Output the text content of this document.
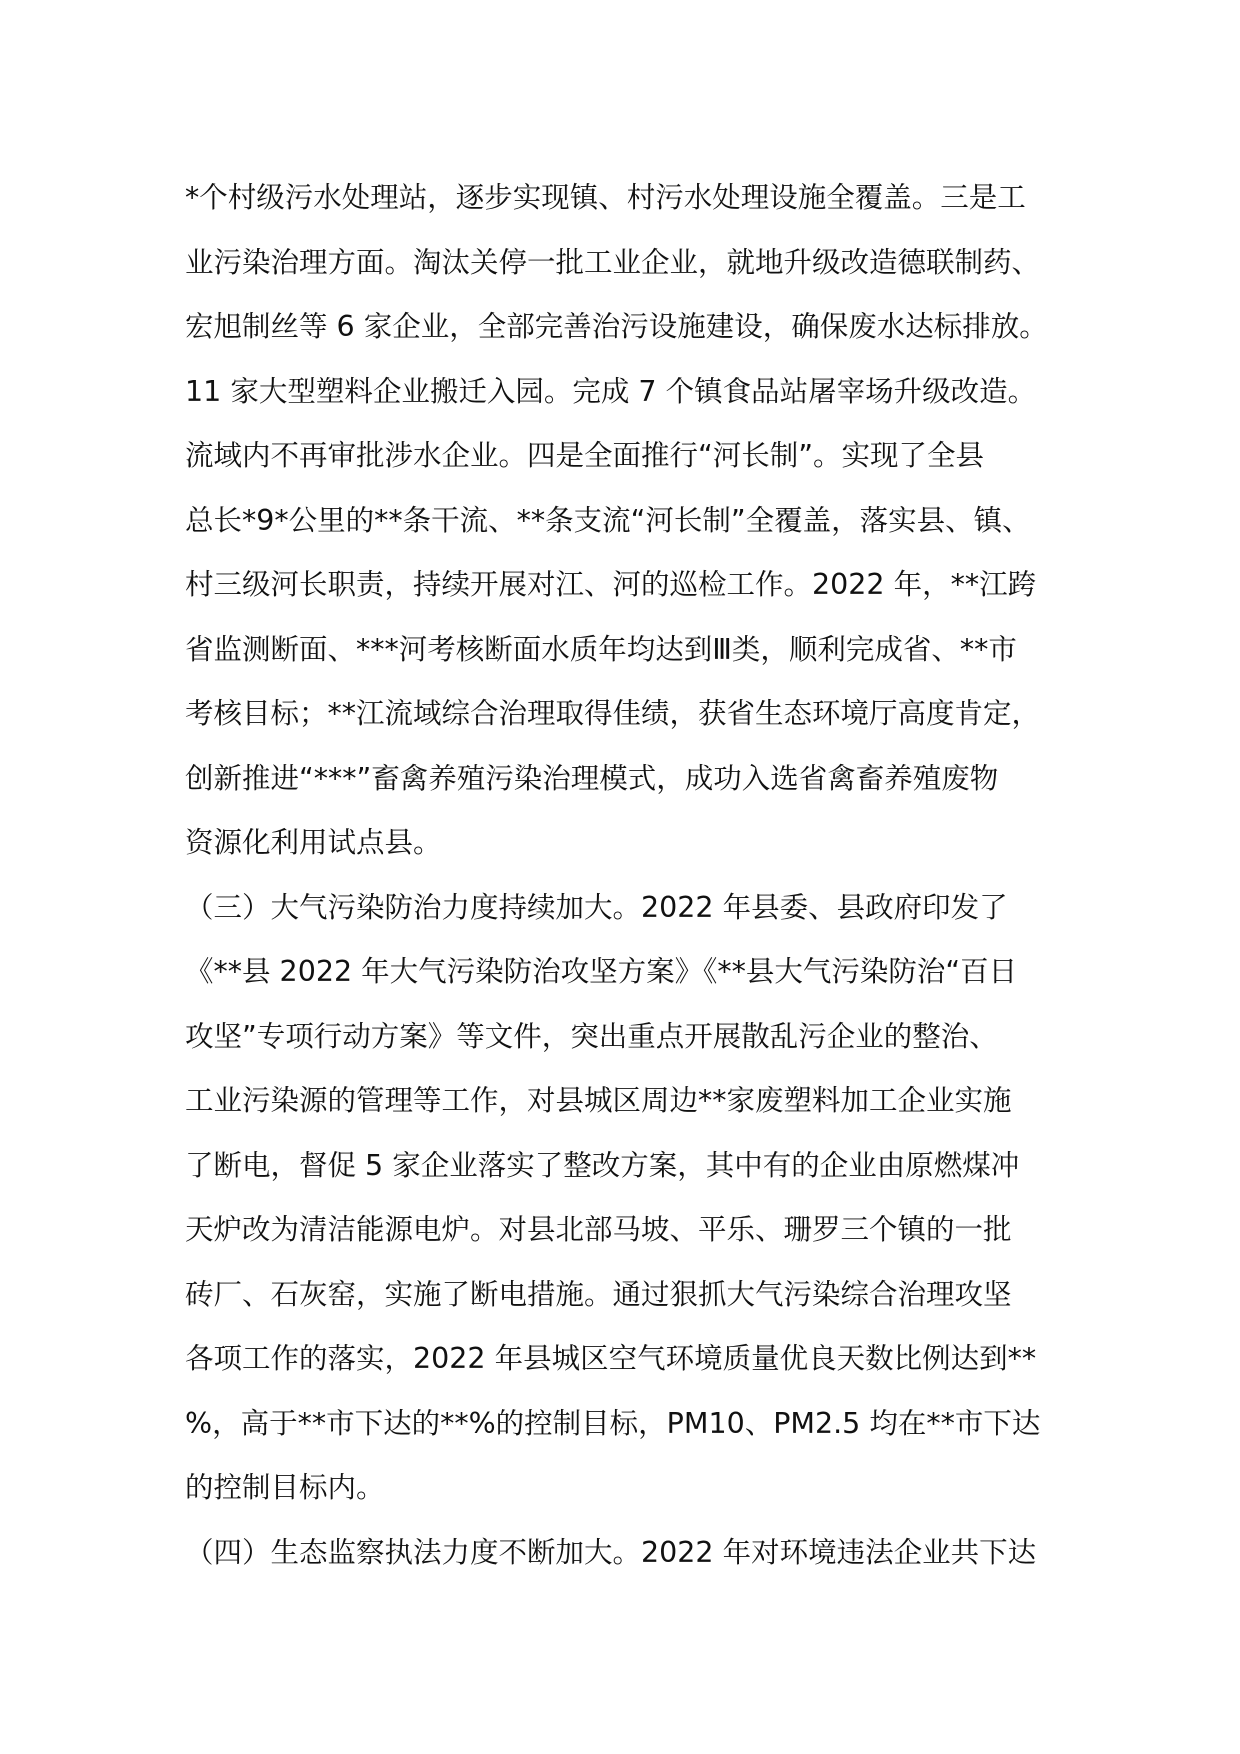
*个村级污水处理站，逐步实现镇、村污水处理设施全覆盖。三是工
业污染治理方面。淘汰关停一批工业企业，就地升级改造德联制药、
宏旭制丝等 6 家企业，全部完善治污设施建设，确保废水达标排放。
11 家大型塑料企业搬迁入园。完成 7 个镇食品站屠宰场升级改造。
流域内不再审批涉水企业。四是全面推行“河长制”。实现了全县
总长*9*公里的**条干流、**条支流“河长制”全覆盖，落实县、镇、
村三级河长职责，持续开展对江、河的巡检工作。2022 年，**江跨
省监测断面、***河考核断面水质年均达到Ⅲ类，顺利完成省、**市
考核目标；**江流域综合治理取得佳绩，获省生态环境厅高度肯定，
创新推进“***”畜禽养殖污染治理模式，成功入选省禽畜养殖废物
资源化利用试点县。
（三）大气污染防治力度持续加大。2022 年县委、县政府印发了
《**县 2022 年大气污染防治攻坚方案》《**县大气污染防治“百日
攻坚”专项行动方案》等文件，突出重点开展散乱污企业的整治、
工业污染源的管理等工作，对县城区周边**家废塑料加工企业实施
了断电，督促 5 家企业落实了整改方案，其中有的企业由原燃煤冲
天炉改为清洁能源电炉。对县北部马坡、平乐、珊罗三个镇的一批
砖厂、石灰窑，实施了断电措施。通过狠抓大气污染综合治理攻坚
各项工作的落实，2022 年县城区空气环境质量优良天数比例达到**
%，高于**市下达的**%的控制目标，PM10、PM2.5 均在**市下达
的控制目标内。
（四）生态监察执法力度不断加大。2022 年对环境违法企业共下达
